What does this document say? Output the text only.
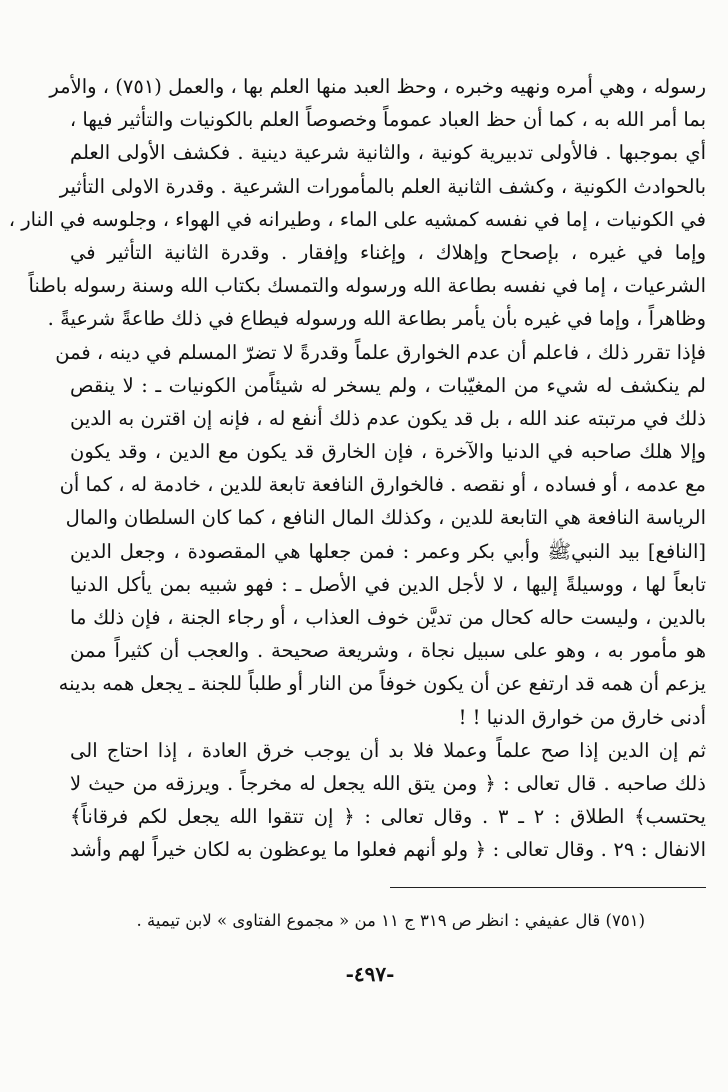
رسوله ، وهي أمره ونهيه وخبره ، وحظ العبد منها العلم بها ، والعمل (٧٥١) ، والأمر
بما أمر الله به ، كما أن حظ العباد عموماً وخصوصاً العلم بالكونيات والتأثير فيها ،
أي بموجبها . فالأولى تدبيرية كونية ، والثانية شرعية دينية . فكشف الأولى العلم
بالحوادث الكونية ، وكشف الثانية العلم بالمأمورات الشرعية . وقدرة الاولى التأثير
في الكونيات ، إما في نفسه كمشيه على الماء ، وطيرانه في الهواء ، وجلوسه في النار ،
وإما في غيره ، بإصحاح وإهلاك ، وإغناء وإفقار . وقدرة الثانية التأثير في
الشرعيات ، إما في نفسه بطاعة الله ورسوله والتمسك بكتاب الله وسنة رسوله باطناً
وظاهراً ، وإما في غيره بأن يأمر بطاعة الله ورسوله فيطاع في ذلك طاعةً شرعيةً .
فإذا تقرر ذلك ، فاعلم أن عدم الخوارق علماً وقدرةً لا تضرّ المسلم في دينه ، فمن
لم ينكشف له شيء من المغيّبات ، ولم يسخر له شيئاًمن الكونيات ـ : لا ينقص
ذلك في مرتبته عند الله ، بل قد يكون عدم ذلك أنفع له ، فإنه إن اقترن به الدين
وإلا هلك صاحبه في الدنيا والآخرة ، فإن الخارق قد يكون مع الدين ، وقد يكون
مع عدمه ، أو فساده ، أو نقصه . فالخوارق النافعة تابعة للدين ، خادمة له ، كما أن
الرياسة النافعة هي التابعة للدين ، وكذلك المال النافع ، كما كان السلطان والمال
[النافع] بيد النبيﷺ وأبي بكر وعمر : فمن جعلها هي المقصودة ، وجعل الدين
تابعاً لها ، ووسيلةً إليها ، لا لأجل الدين في الأصل ـ : فهو شبيه بمن يأكل الدنيا
بالدين ، وليست حاله كحال من تديَّن خوف العذاب ، أو رجاء الجنة ، فإن ذلك ما
هو مأمور به ، وهو على سبيل نجاة ، وشريعة صحيحة . والعجب أن كثيراً ممن
يزعم أن همه قد ارتفع عن أن يكون خوفاً من النار أو طلباً للجنة ـ يجعل همه بدينه
أدنى خارق من خوارق الدنيا ! !
ثم إن الدين إذا صح علماً وعملا فلا بد أن يوجب خرق العادة ، إذا احتاج الى
ذلك صاحبه . قال تعالى : ﴿ ومن يتق الله يجعل له مخرجاً . ويرزقه من حيث لا
يحتسب﴾ الطلاق : ٢ ـ ٣ . وقال تعالى : ﴿ إن تتقوا الله يجعل لكم فرقاناً﴾
الانفال : ٢٩ . وقال تعالى : ﴿ ولو أنهم فعلوا ما يوعظون به لكان خيراً لهم وأشد
(٧٥١) قال عفيفي : انظر ص ٣١٩ ج ١١ من « مجموع الفتاوى » لابن تيمية .
-٤٩٧-
